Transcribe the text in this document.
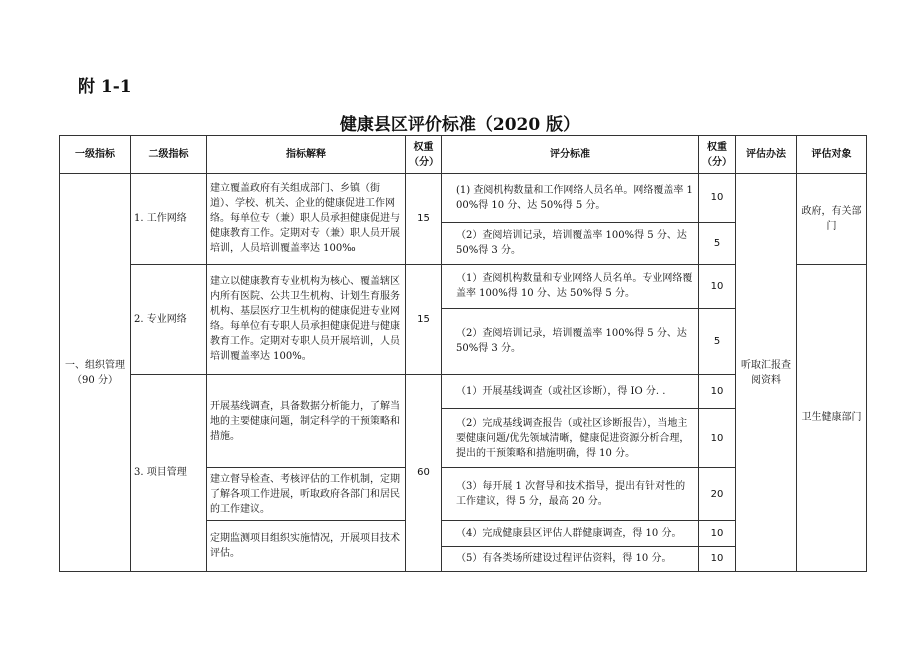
附 1-1
健康县区评价标准（2020 版）
一级指标	二级指标	指标解释	权重（分）	评分标准	权重（分）	评估办法	评估对象
一、组织管理（90 分）	1. 工作网络	建立覆盖政府有关组成部门、乡镇（街道）、学校、机关、企业的健康促进工作网络。每单位专（兼）职人员承担健康促进与健康教育工作。定期对专（兼）职人员开展培训，人员培训覆盖率达 100‰	15	(1) 查阅机构数量和工作网络人员名单。网络覆盖率 100%得 10 分、达 50%得 5 分。	10	听取汇报查阅资料	政府，有关部门
				（2）查阅培训记录，培训覆盖率 100%得 5 分、达 50%得 3 分。	5		
	2. 专业网络	建立以健康教育专业机构为核心、覆盖辖区内所有医院、公共卫生机构、计划生育服务机构、基层医疗卫生机构的健康促进专业网络。每单位有专职人员承担健康促进与健康教育工作。定期对专职人员开展培训，人员培训覆盖率达 100%。	15	（1）查阅机构数量和专业网络人员名单。专业网络覆盖率 100%得 10 分、达 50%得 5 分。	10		卫生健康部门
				（2）查阅培训记录，培训覆盖率 100%得 5 分、达 50%得 3 分。	5		
	3. 项目管理	开展基线调查，具备数据分析能力，了解当地的主要健康问题，制定科学的干预策略和措施。	60	（1）开展基线调查（或社区诊断），得 IO 分. .	10		
				（2）完成基线调查报告（或社区诊断报告），当地主要健康问题/优先领域清晰，健康促进资源分析合理，提出的干预策略和措施明确，得 10 分。	10		
		建立督导检查、考核评估的工作机制，定期了解各项工作进展，听取政府各部门和居民的工作建议。		（3）每开展 1 次督导和技术指导，提出有针对性的工作建议，得 5 分，最高 20 分。	20		
		定期监测项目组织实施情况，开展项目技术评估。		（4）完成健康县区评估人群健康调查，得 10 分。	10		
				（5）有各类场所建设过程评估资料，得 10 分。	10		
